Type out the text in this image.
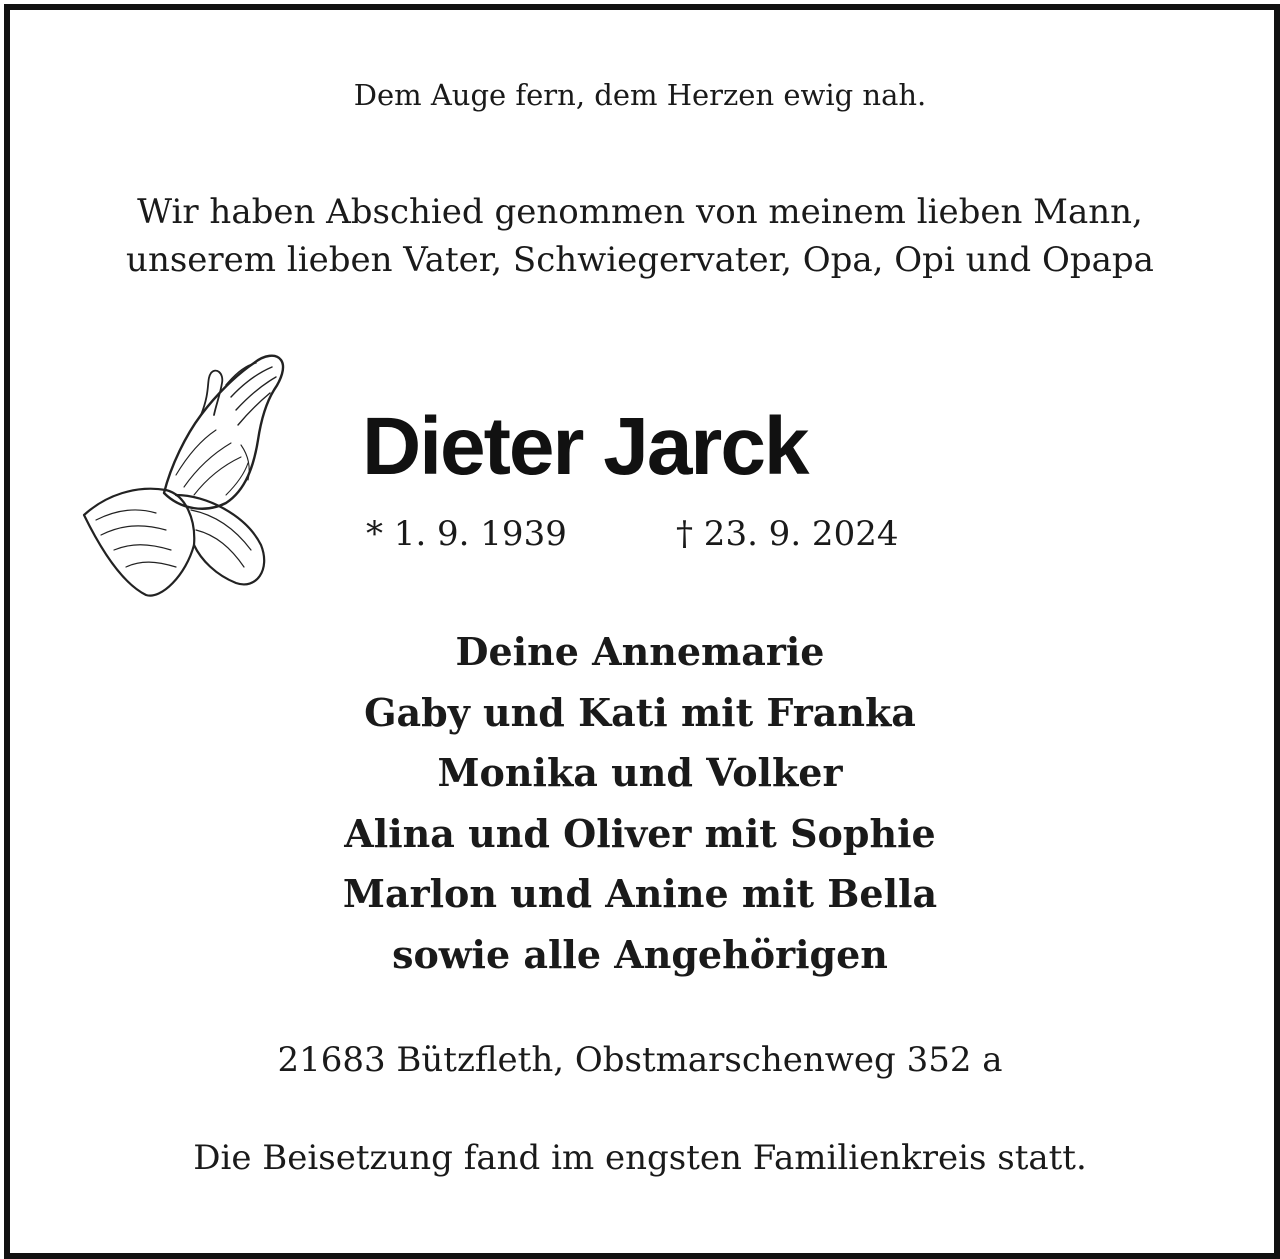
Dem Auge fern, dem Herzen ewig nah.
Wir haben Abschied genommen von meinem lieben Mann,
unserem lieben Vater, Schwiegervater, Opa, Opi und Opapa
Dieter Jarck
* 1. 9. 1939	† 23. 9. 2024
Deine Annemarie
Gaby und Kati mit Franka
Monika und Volker
Alina und Oliver mit Sophie
Marlon und Anine mit Bella
sowie alle Angehörigen
21683 Bützfleth, Obstmarschenweg 352 a
Die Beisetzung fand im engsten Familienkreis statt.
